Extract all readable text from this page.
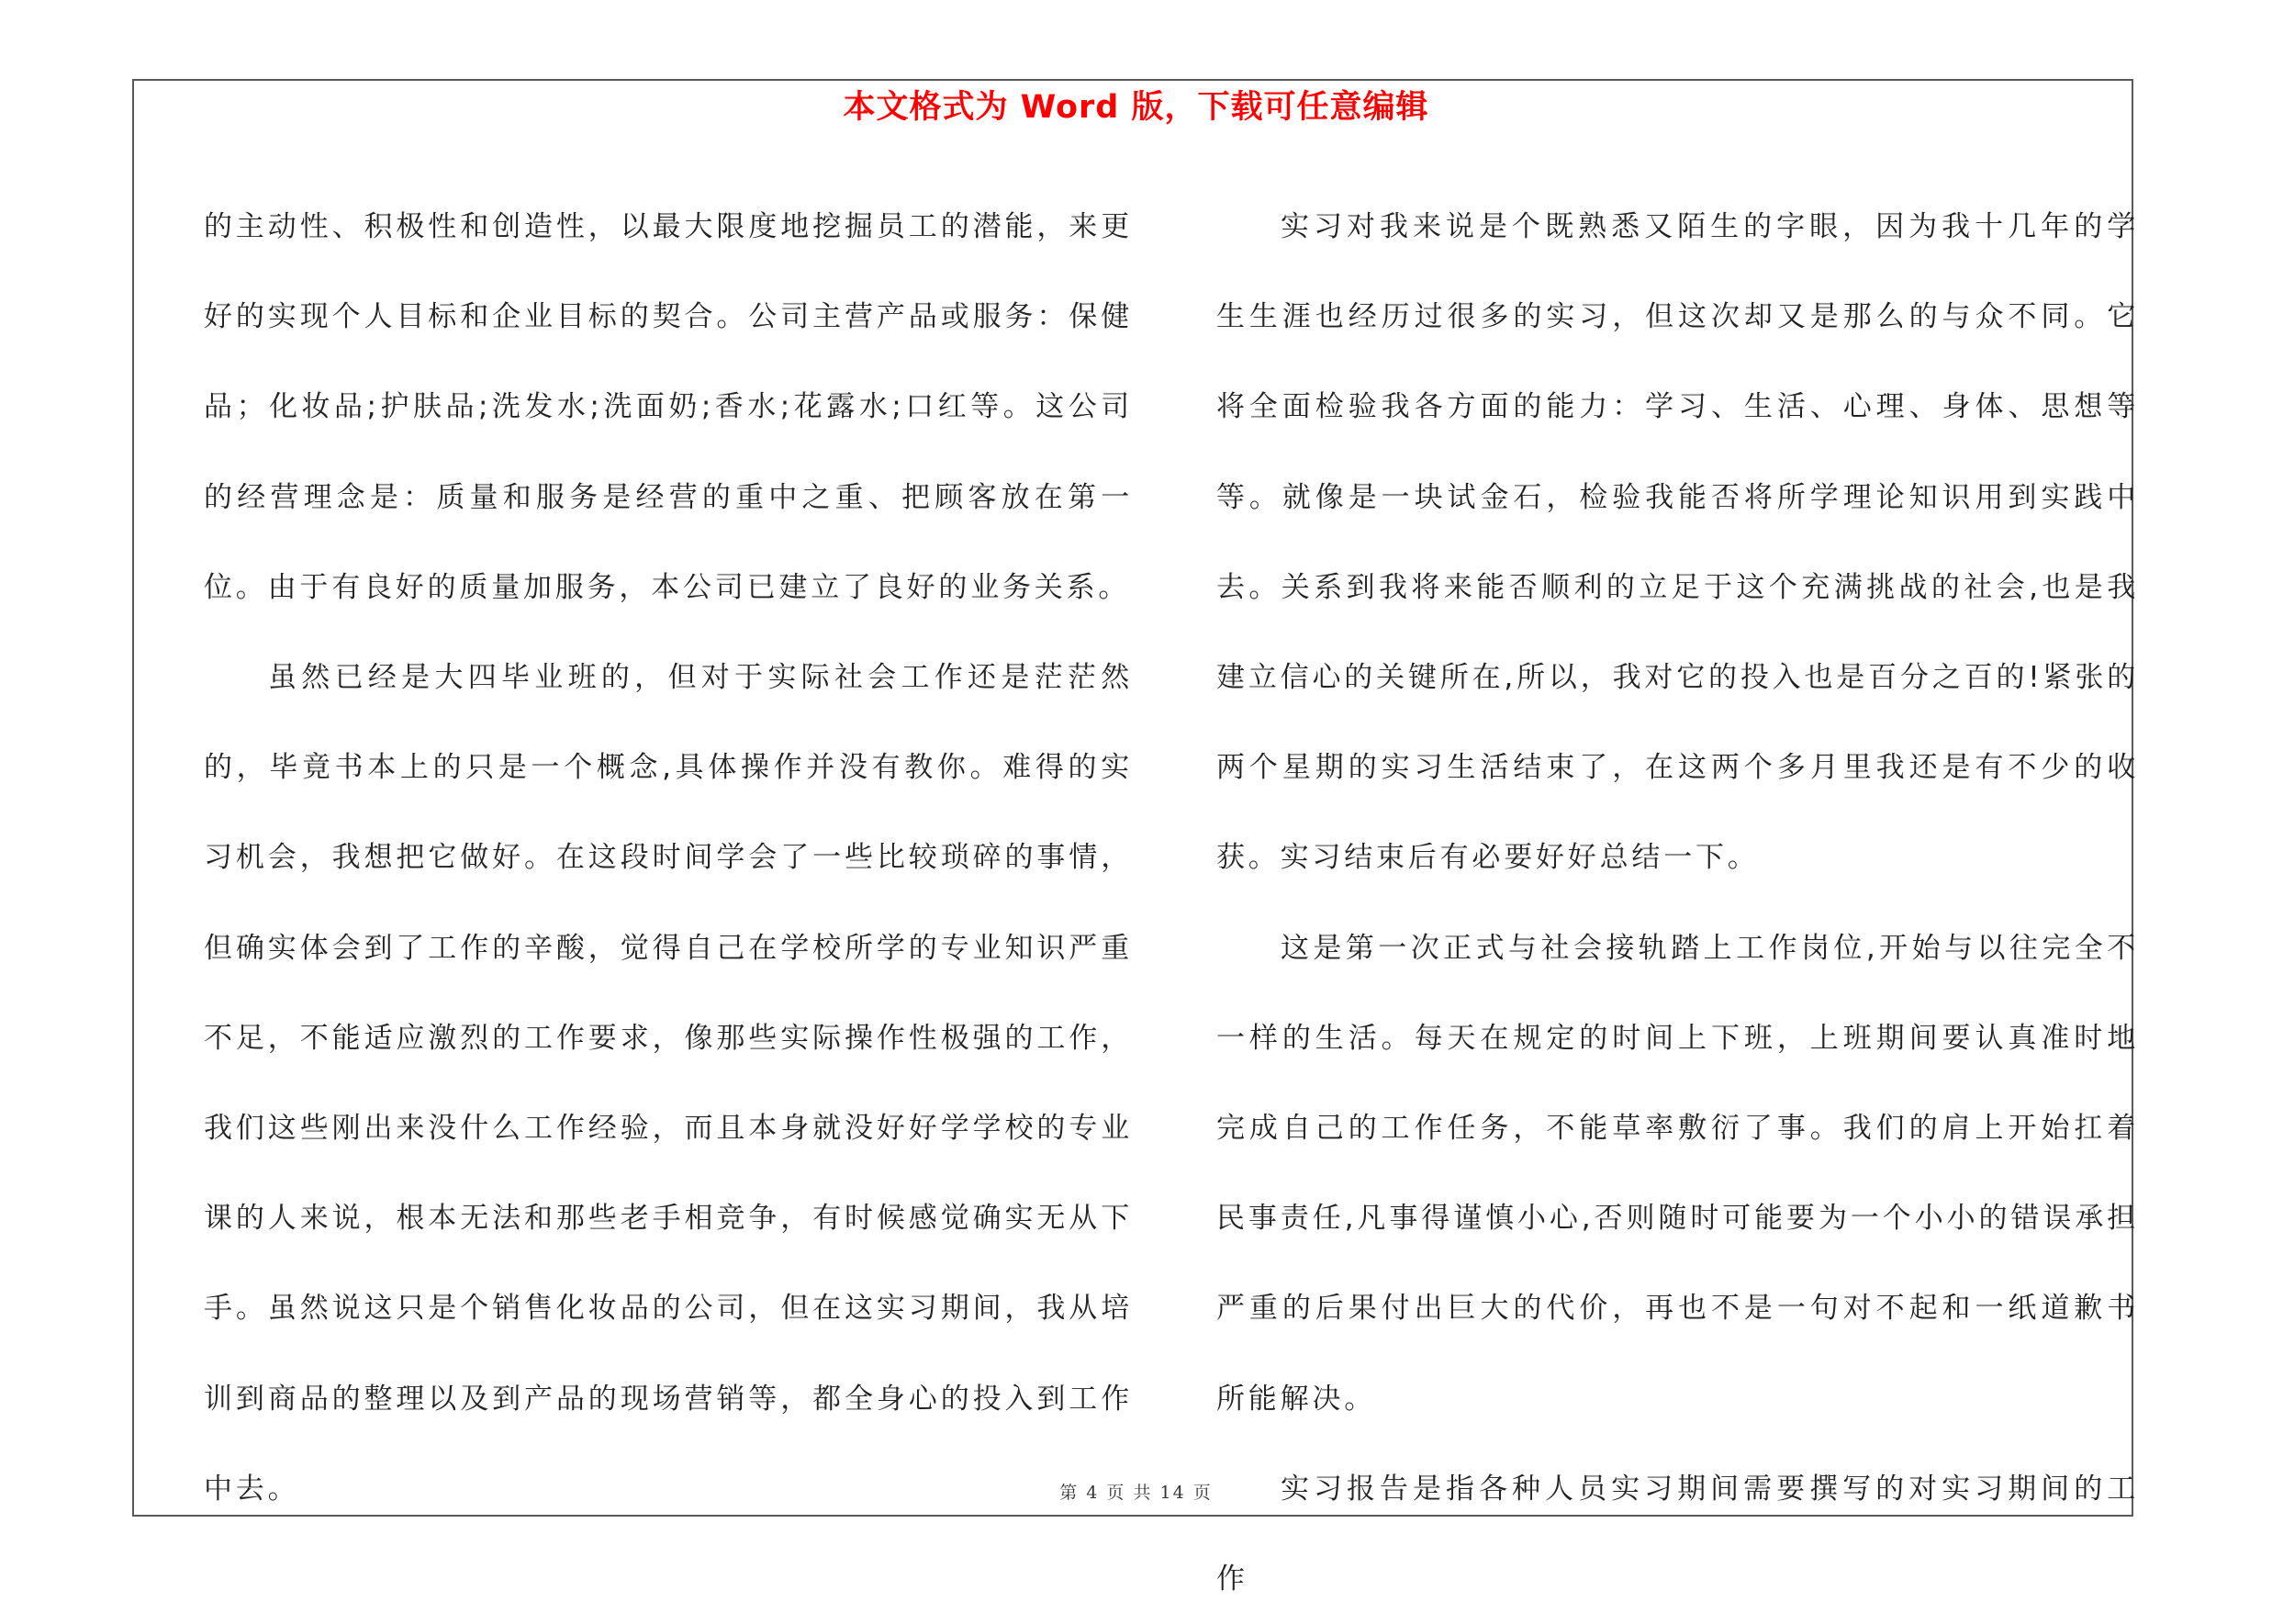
本文格式为 Word 版，下载可任意编辑

的主动性、积极性和创造性，以最大限度地挖掘员工的潜能，来更好的实现个人目标和企业目标的契合。公司主营产品或服务：保健品；化妆品;护肤品;洗发水;洗面奶;香水;花露水;口红等。这公司的经营理念是：质量和服务是经营的重中之重、把顾客放在第一位。由于有良好的质量加服务，本公司已建立了良好的业务关系。

虽然已经是大四毕业班的，但对于实际社会工作还是茫茫然的，毕竟书本上的只是一个概念,具体操作并没有教你。难得的实习机会，我想把它做好。在这段时间学会了一些比较琐碎的事情，但确实体会到了工作的辛酸，觉得自己在学校所学的专业知识严重不足，不能适应激烈的工作要求，像那些实际操作性极强的工作，我们这些刚出来没什么工作经验，而且本身就没好好学学校的专业课的人来说，根本无法和那些老手相竞争，有时候感觉确实无从下手。虽然说这只是个销售化妆品的公司，但在这实习期间，我从培训到商品的整理以及到产品的现场营销等，都全身心的投入到工作中去。

实习对我来说是个既熟悉又陌生的字眼，因为我十几年的学生生涯也经历过很多的实习，但这次却又是那么的与众不同。它将全面检验我各方面的能力：学习、生活、心理、身体、思想等等。就像是一块试金石，检验我能否将所学理论知识用到实践中去。关系到我将来能否顺利的立足于这个充满挑战的社会,也是我建立信心的关键所在,所以，我对它的投入也是百分之百的!紧张的两个星期的实习生活结束了，在这两个多月里我还是有不少的收获。实习结束后有必要好好总结一下。

这是第一次正式与社会接轨踏上工作岗位,开始与以往完全不一样的生活。每天在规定的时间上下班，上班期间要认真准时地完成自己的工作任务，不能草率敷衍了事。我们的肩上开始扛着民事责任,凡事得谨慎小心,否则随时可能要为一个小小的错误承担严重的后果付出巨大的代价，再也不是一句对不起和一纸道歉书所能解决。

实习报告是指各种人员实习期间需要撰写的对实习期间的工作

第 4 页 共 14 页
